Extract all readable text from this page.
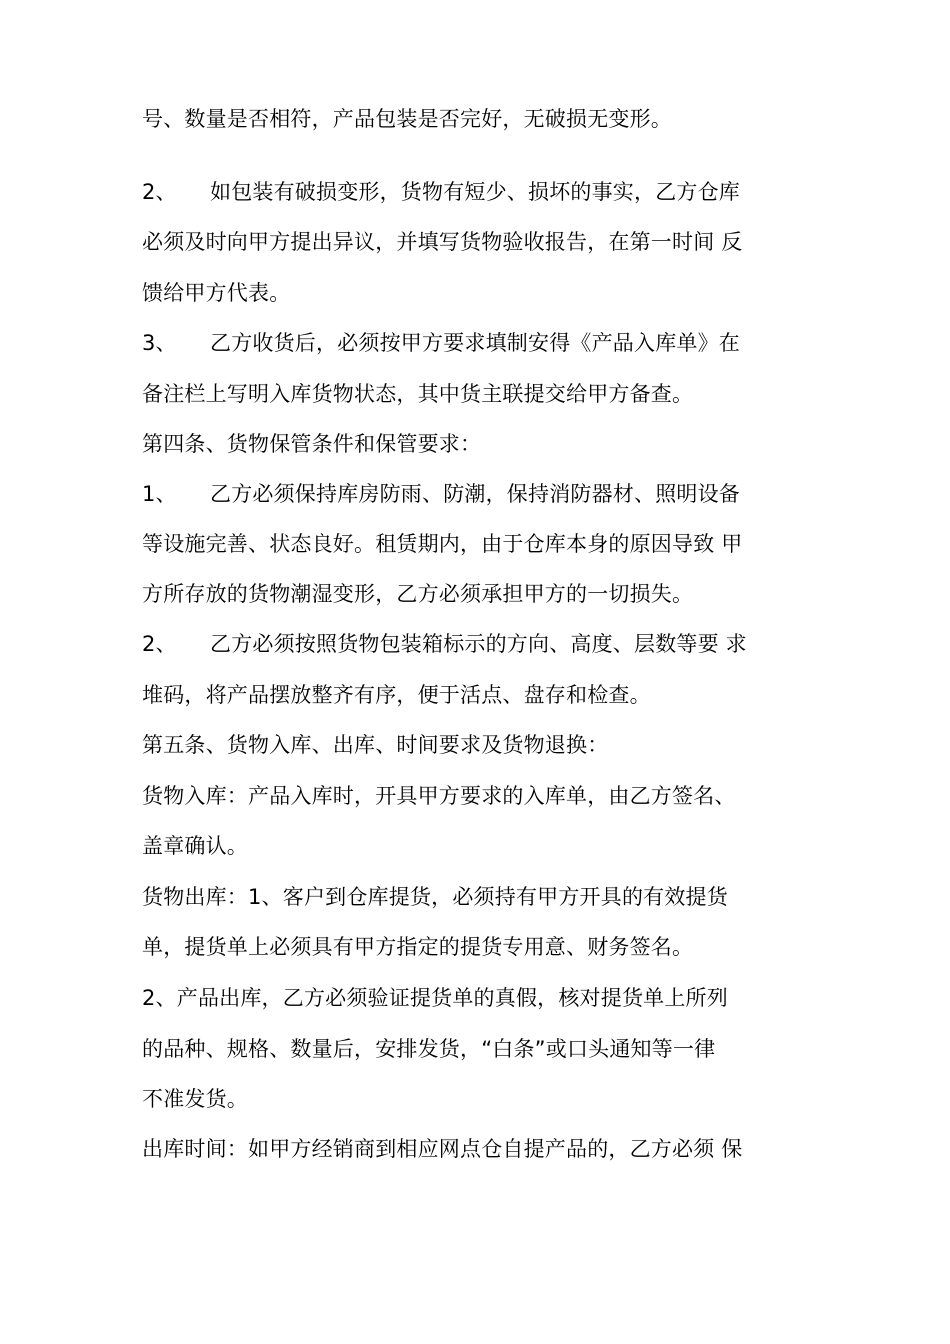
号、数量是否相符，产品包装是否完好，无破损无变形。
2、 如包装有破损变形，货物有短少、损坏的事实，乙方仓库
必须及时向甲方提出异议，并填写货物验收报告，在第一时间 反
馈给甲方代表。
3、 乙方收货后，必须按甲方要求填制安得《产品入库单》在
备注栏上写明入库货物状态，其中货主联提交给甲方备查。
第四条、货物保管条件和保管要求：
1、 乙方必须保持库房防雨、防潮，保持消防器材、照明设备
等设施完善、状态良好。租赁期内，由于仓库本身的原因导致 甲
方所存放的货物潮湿变形，乙方必须承担甲方的一切损失。
2、 乙方必须按照货物包装箱标示的方向、高度、层数等要 求
堆码，将产品摆放整齐有序，便于活点、盘存和检查。
第五条、货物入库、出库、时间要求及货物退换：
货物入库：产品入库时，开具甲方要求的入库单，由乙方签名、
盖章确认。
货物出库：1、客户到仓库提货，必须持有甲方开具的有效提货
单，提货单上必须具有甲方指定的提货专用意、财务签名。
2、产品出库，乙方必须验证提货单的真假，核对提货单上所列
的品种、规格、数量后，安排发货，“白条”或口头通知等一律
不准发货。
出库时间：如甲方经销商到相应网点仓自提产品的，乙方必须 保
